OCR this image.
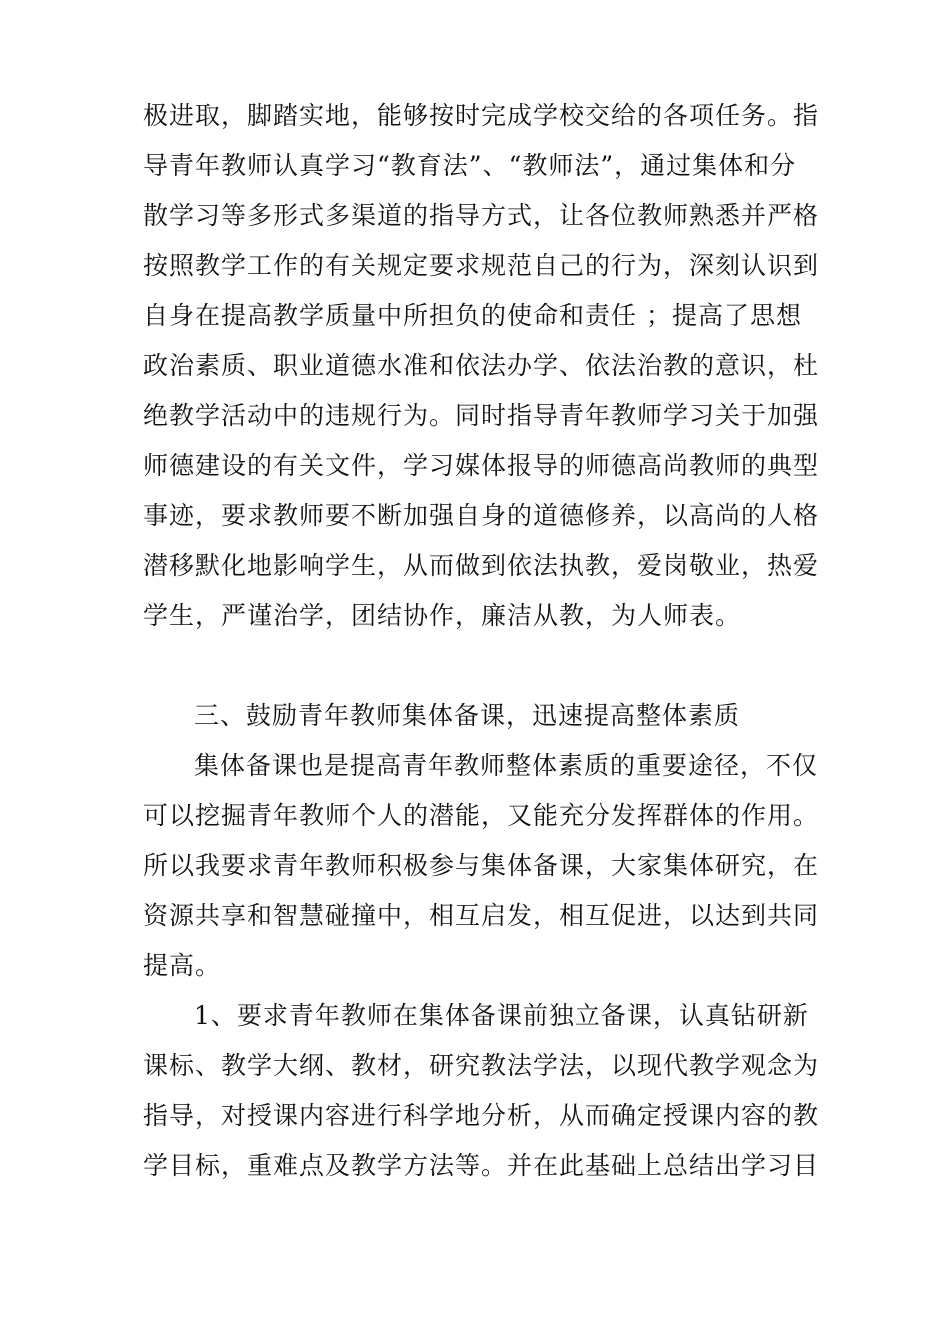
极进取，脚踏实地，能够按时完成学校交给的各项任务。指
导青年教师认真学习“教育法”、“教师法”，通过集体和分
散学习等多形式多渠道的指导方式，让各位教师熟悉并严格
按照教学工作的有关规定要求规范自己的行为，深刻认识到
自身在提高教学质量中所担负的使命和责任 ；提高了思想
政治素质、职业道德水准和依法办学、依法治教的意识，杜
绝教学活动中的违规行为。同时指导青年教师学习关于加强
师德建设的有关文件，学习媒体报导的师德高尚教师的典型
事迹，要求教师要不断加强自身的道德修养，以高尚的人格
潜移默化地影响学生，从而做到依法执教，爱岗敬业，热爱
学生，严谨治学，团结协作，廉洁从教，为人师表。
三、鼓励青年教师集体备课，迅速提高整体素质
集体备课也是提高青年教师整体素质的重要途径，不仅
可以挖掘青年教师个人的潜能，又能充分发挥群体的作用。
所以我要求青年教师积极参与集体备课，大家集体研究，在
资源共享和智慧碰撞中，相互启发，相互促进，以达到共同
提高。
1、要求青年教师在集体备课前独立备课，认真钻研新
课标、教学大纲、教材，研究教法学法，以现代教学观念为
指导，对授课内容进行科学地分析，从而确定授课内容的教
学目标，重难点及教学方法等。并在此基础上总结出学习目
